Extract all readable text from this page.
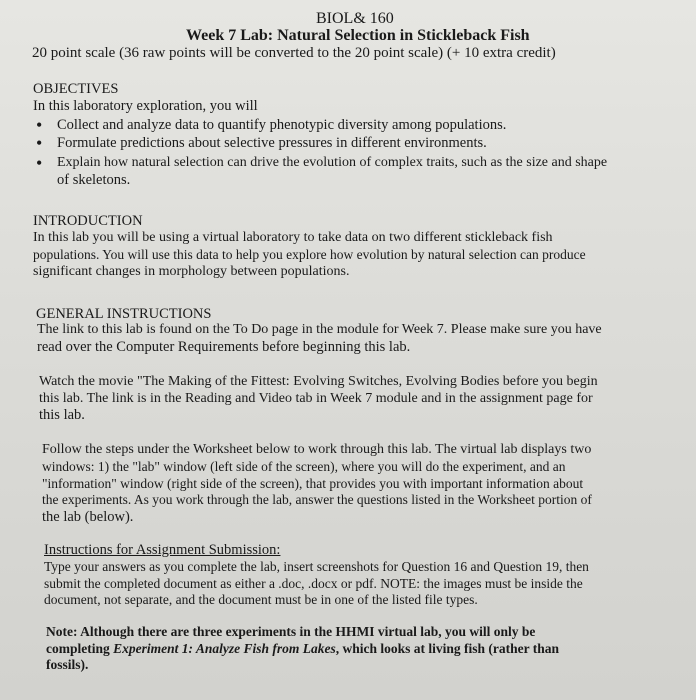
BIOL& 160
Week 7 Lab: Natural Selection in Stickleback Fish
20 point scale (36 raw points will be converted to the 20 point scale) (+ 10 extra credit)
OBJECTIVES
In this laboratory exploration, you will
• Collect and analyze data to quantify phenotypic diversity among populations.
• Formulate predictions about selective pressures in different environments.
• Explain how natural selection can drive the evolution of complex traits, such as the size and shape
of skeletons.
INTRODUCTION
In this lab you will be using a virtual laboratory to take data on two different stickleback fish
populations. You will use this data to help you explore how evolution by natural selection can produce
significant changes in morphology between populations.
GENERAL INSTRUCTIONS
The link to this lab is found on the To Do page in the module for Week 7. Please make sure you have
read over the Computer Requirements before beginning this lab.
Watch the movie "The Making of the Fittest: Evolving Switches, Evolving Bodies before you begin
this lab. The link is in the Reading and Video tab in Week 7 module and in the assignment page for
this lab.
Follow the steps under the Worksheet below to work through this lab. The virtual lab displays two
windows: 1) the "lab" window (left side of the screen), where you will do the experiment, and an
"information" window (right side of the screen), that provides you with important information about
the experiments. As you work through the lab, answer the questions listed in the Worksheet portion of
the lab (below).
Instructions for Assignment Submission:
Type your answers as you complete the lab, insert screenshots for Question 16 and Question 19, then
submit the completed document as either a .doc, .docx or pdf. NOTE: the images must be inside the
document, not separate, and the document must be in one of the listed file types.
Note: Although there are three experiments in the HHMI virtual lab, you will only be
completing Experiment 1: Analyze Fish from Lakes, which looks at living fish (rather than
fossils).
